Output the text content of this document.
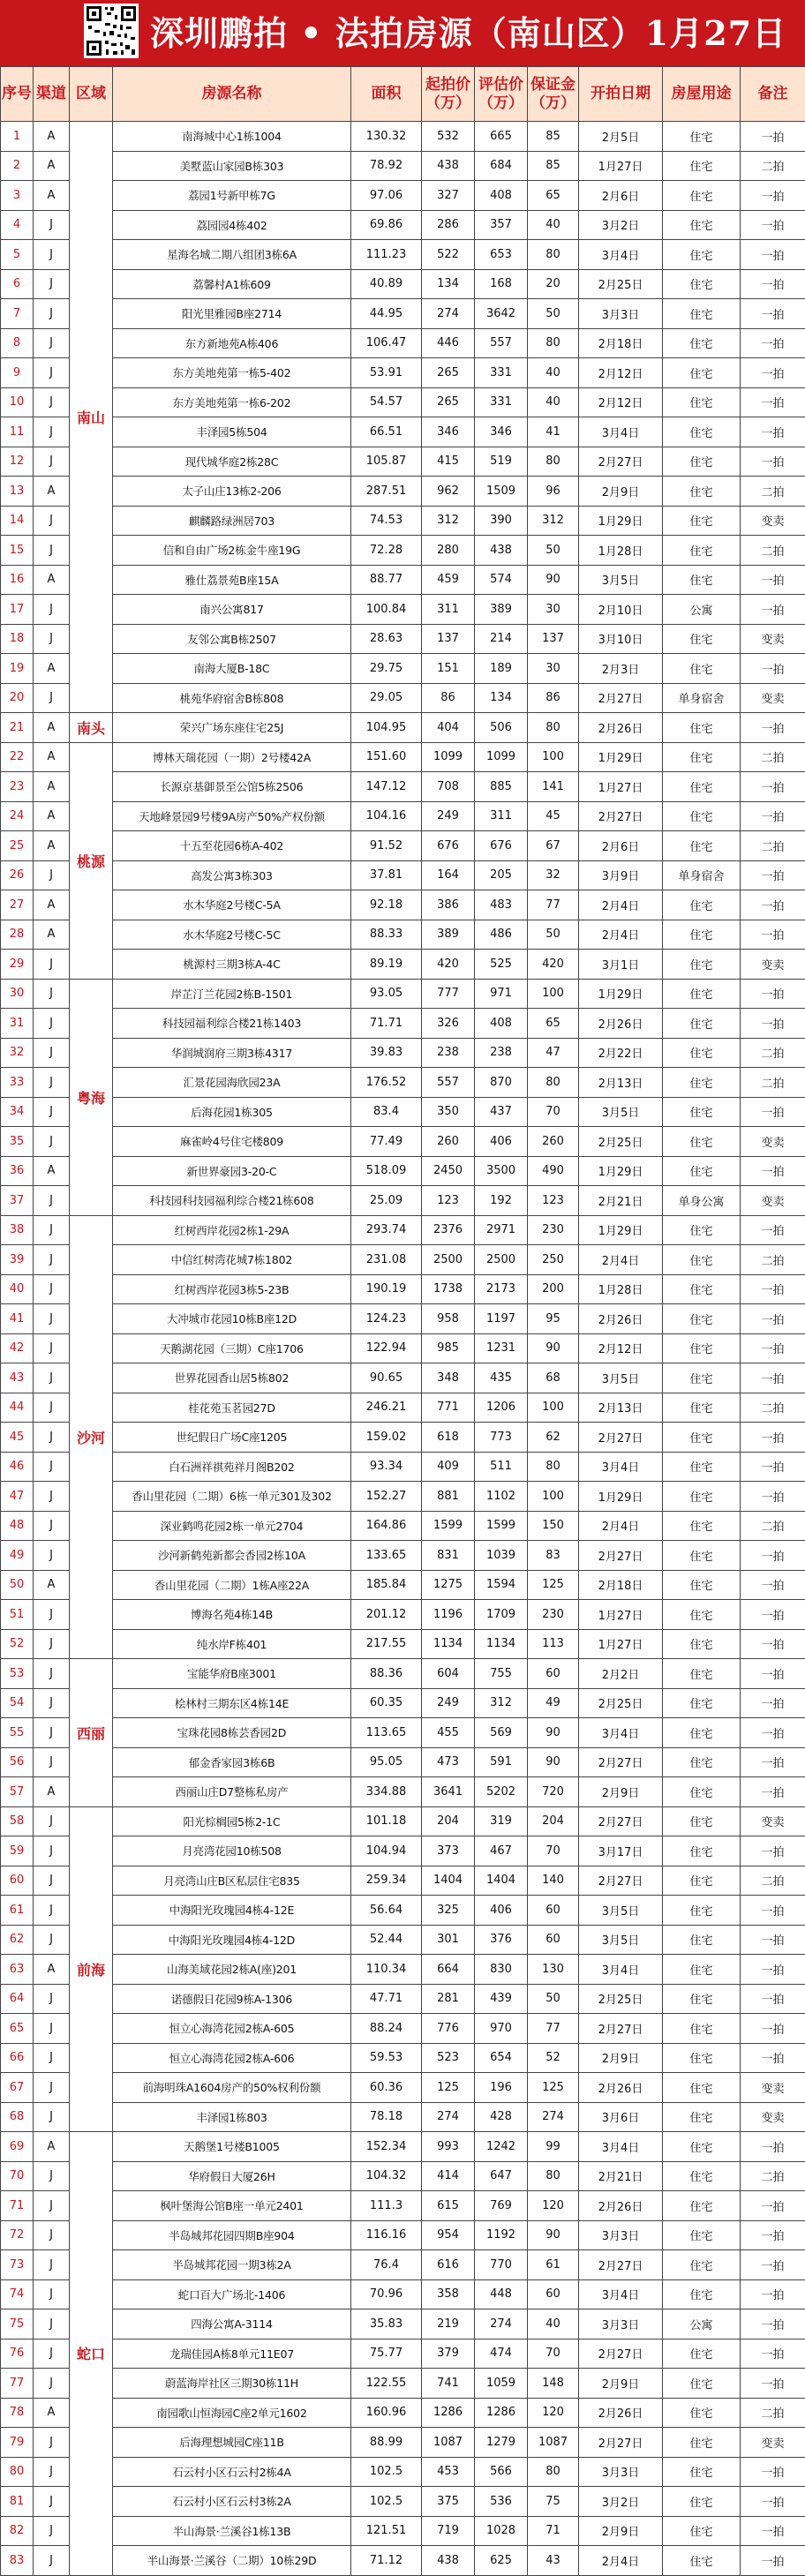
深圳鹏拍 • 法拍房源（南山区）1月27日
序号	渠道	区域	房源名称	面积	起拍价（万）	评估价（万）	保证金（万）	开拍日期	房屋用途	备注
1	A	南山	南海城中心1栋1004	130.32	532	665	85	2月5日	住宅	一拍
2	A		美墅蓝山家园B栋303	78.92	438	684	85	1月27日	住宅	二拍
3	A		荔园1号新甲栋7G	97.06	327	408	65	2月6日	住宅	一拍
4	J		荔园园4栋402	69.86	286	357	40	3月2日	住宅	一拍
5	J		星海名城二期八组团3栋6A	111.23	522	653	80	3月4日	住宅	一拍
6	J		荔馨村A1栋609	40.89	134	168	20	2月25日	住宅	一拍
7	J		阳光里雅园B座2714	44.95	274	3642	50	3月3日	住宅	一拍
8	J		东方新地苑A栋406	106.47	446	557	80	2月18日	住宅	一拍
9	J		东方美地苑第一栋5-402	53.91	265	331	40	2月12日	住宅	一拍
10	J		东方美地苑第一栋6-202	54.57	265	331	40	2月12日	住宅	一拍
11	J		丰泽园5栋504	66.51	346	346	41	3月4日	住宅	一拍
12	J		现代城华庭2栋28C	105.87	415	519	80	2月27日	住宅	一拍
13	A		太子山庄13栋2-206	287.51	962	1509	96	2月9日	住宅	二拍
14	J		麒麟路绿洲居703	74.53	312	390	312	1月29日	住宅	变卖
15	J		信和自由广场2栋金牛座19G	72.28	280	438	50	1月28日	住宅	二拍
16	A		雅仕荔景苑B座15A	88.77	459	574	90	3月5日	住宅	一拍
17	J		南兴公寓817	100.84	311	389	30	2月10日	公寓	一拍
18	J		友邻公寓B栋2507	28.63	137	214	137	3月10日	住宅	变卖
19	A		南海大厦B-18C	29.75	151	189	30	2月3日	住宅	一拍
20	J		桃苑华府宿舍B栋808	29.05	86	134	86	2月27日	单身宿舍	变卖
21	A	南头	荣兴广场东座住宅25J	104.95	404	506	80	2月26日	住宅	一拍
22	A	桃源	博林天瑞花园（一期）2号楼42A	151.60	1099	1099	100	1月29日	住宅	二拍
23	A		长源京基御景至公馆5栋2506	147.12	708	885	141	1月27日	住宅	一拍
24	A		天地峰景园9号楼9A房产50%产权份额	104.16	249	311	45	2月27日	住宅	一拍
25	A		十五至花园6栋A-402	91.52	676	676	67	2月6日	住宅	二拍
26	J		高发公寓3栋303	37.81	164	205	32	3月9日	单身宿舍	一拍
27	A		水木华庭2号楼C-5A	92.18	386	483	77	2月4日	住宅	一拍
28	A		水木华庭2号楼C-5C	88.33	389	486	50	2月4日	住宅	一拍
29	J		桃源村三期3栋A-4C	89.19	420	525	420	3月1日	住宅	变卖
30	J	粤海	岸芷汀兰花园2栋B-1501	93.05	777	971	100	1月29日	住宅	一拍
31	J		科技园福利综合楼21栋1403	71.71	326	408	65	2月26日	住宅	一拍
32	J		华润城润府三期3栋4317	39.83	238	238	47	2月22日	住宅	二拍
33	J		汇景花园海欣园23A	176.52	557	870	80	2月13日	住宅	二拍
34	J		后海花园1栋305	83.4	350	437	70	3月5日	住宅	一拍
35	J		麻雀岭4号住宅楼809	77.49	260	406	260	2月25日	住宅	变卖
36	A		新世界豪园3-20-C	518.09	2450	3500	490	1月29日	住宅	一拍
37	J		科技园科技园福利综合楼21栋608	25.09	123	192	123	2月21日	单身公寓	变卖
38	J	沙河	红树西岸花园2栋1-29A	293.74	2376	2971	230	1月29日	住宅	一拍
39	J		中信红树湾花城7栋1802	231.08	2500	2500	250	2月4日	住宅	二拍
40	J		红树西岸花园3栋5-23B	190.19	1738	2173	200	1月28日	住宅	一拍
41	J		大冲城市花园10栋B座12D	124.23	958	1197	95	2月26日	住宅	一拍
42	J		天鹅湖花园（三期）C座1706	122.94	985	1231	90	2月12日	住宅	一拍
43	J		世界花园香山居5栋802	90.65	348	435	68	3月5日	住宅	一拍
44	J		桂花苑玉茗园27D	246.21	771	1206	100	2月13日	住宅	二拍
45	J		世纪假日广场C座1205	159.02	618	773	62	2月27日	住宅	一拍
46	J		白石洲祥祺苑祥月阁B202	93.34	409	511	80	3月4日	住宅	一拍
47	J		香山里花园（二期）6栋一单元301及302	152.27	881	1102	100	1月29日	住宅	一拍
48	J		深业鹤鸣花园2栋一单元2704	164.86	1599	1599	150	2月4日	住宅	二拍
49	J		沙河新鹤苑新都会香园2栋10A	133.65	831	1039	83	2月27日	住宅	一拍
50	A		香山里花园（二期）1栋A座22A	185.84	1275	1594	125	2月18日	住宅	一拍
51	J		博海名苑4栋14B	201.12	1196	1709	230	1月27日	住宅	一拍
52	J		纯水岸F栋401	217.55	1134	1134	113	1月27日	住宅	一拍
53	J	西丽	宝能华府B座3001	88.36	604	755	60	2月2日	住宅	一拍
54	J		桧林村三期东区4栋14E	60.35	249	312	49	2月25日	住宅	一拍
55	J		宝珠花园8栋芸香园2D	113.65	455	569	90	3月4日	住宅	一拍
56	J		郁金香家园3栋6B	95.05	473	591	90	2月27日	住宅	一拍
57	A		西丽山庄D7整栋私房产	334.88	3641	5202	720	2月9日	住宅	一拍
58	J	前海	阳光棕榈园5栋2-1C	101.18	204	319	204	2月27日	住宅	变卖
59	J		月亮湾花园10栋508	104.94	373	467	70	3月17日	住宅	一拍
60	J		月亮湾山庄B区私层住宅835	259.34	1404	1404	140	2月27日	住宅	二拍
61	J		中海阳光玫瑰园4栋4-12E	56.64	325	406	60	3月5日	住宅	一拍
62	J		中海阳光玫瑰园4栋4-12D	52.44	301	376	60	3月5日	住宅	一拍
63	A		山海美域花园2栋A(座)201	110.34	664	830	130	3月4日	住宅	一拍
64	J		诺德假日花园9栋A-1306	47.71	281	439	50	2月25日	住宅	一拍
65	J		恒立心海湾花园2栋A-605	88.24	776	970	77	2月27日	住宅	一拍
66	J		恒立心海湾花园2栋A-606	59.53	523	654	52	2月9日	住宅	一拍
67	J		前海明珠A1604房产的50%权利份额	60.36	125	196	125	2月26日	住宅	变卖
68	J		丰泽园1栋803	78.18	274	428	274	3月6日	住宅	变卖
69	A	蛇口	天鹅堡1号楼B1005	152.34	993	1242	99	3月4日	住宅	一拍
70	J		华府假日大厦26H	104.32	414	647	80	2月21日	住宅	二拍
71	J		枫叶堡海公馆B座一单元2401	111.3	615	769	120	2月26日	住宅	一拍
72	J		半岛城邦花园四期B座904	116.16	954	1192	90	3月3日	住宅	一拍
73	J		半岛城邦花园一期3栋2A	76.4	616	770	61	2月27日	住宅	一拍
74	J		蛇口百大广场北-1406	70.96	358	448	60	3月4日	住宅	一拍
75	J		四海公寓A-3114	35.83	219	274	40	3月3日	公寓	一拍
76	J		龙瑞佳园A栋8单元11E07	75.77	379	474	70	2月27日	住宅	一拍
77	J		蔚蓝海岸社区三期30栋11H	122.55	741	1059	148	2月9日	住宅	一拍
78	A		南园歌山恒海园C座2单元1602	160.96	1286	1286	120	2月26日	住宅	二拍
79	J		后海理想城园C座11B	88.99	1087	1279	1087	2月27日	住宅	变卖
80	J		石云村小区石云村2栋4A	102.5	453	566	80	3月3日	住宅	一拍
81	J		石云村小区石云村3栋2A	102.5	375	536	75	3月2日	住宅	一拍
82	J		半山海景·兰溪谷1栋13B	121.51	719	1028	71	2月9日	住宅	一拍
83	J		半山海景·兰溪谷（二期）10栋29D	71.12	438	625	43	2月4日	住宅	一拍
